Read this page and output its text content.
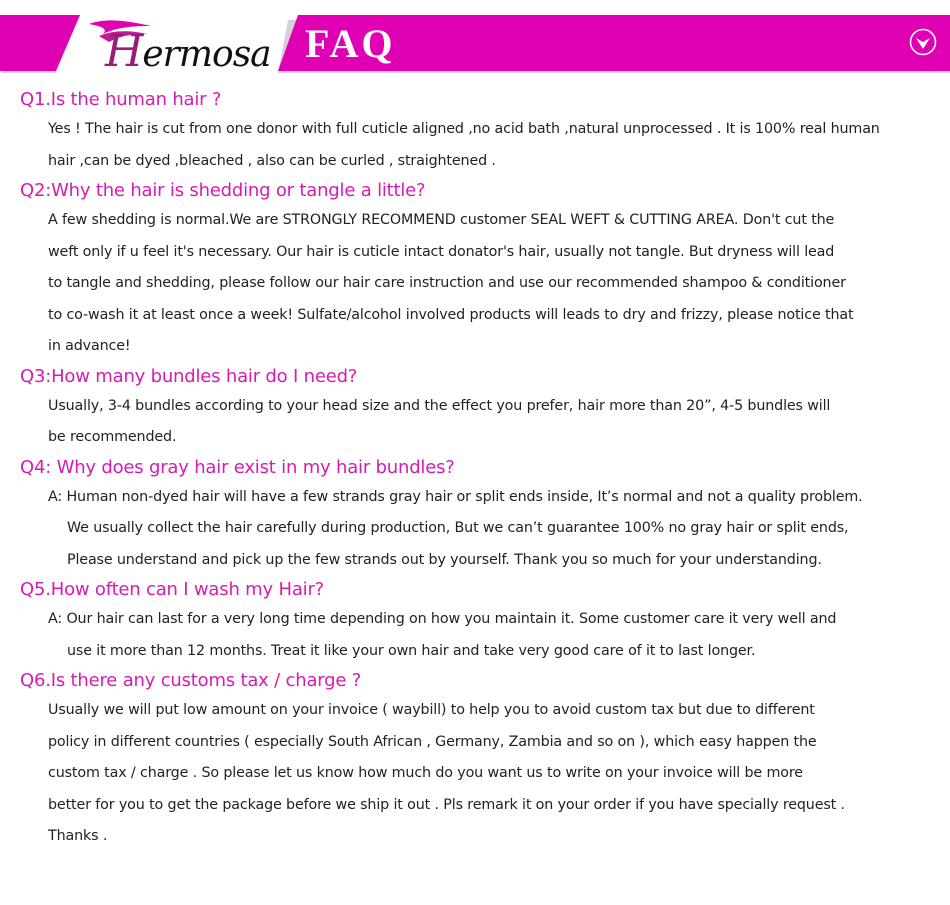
Hermosa FAQ
Q1.Is the human hair ?
Yes ! The hair is cut from one donor with full cuticle aligned ,no acid bath ,natural unprocessed . It is 100% real human
hair ,can be dyed ,bleached , also can be curled , straightened .
Q2:Why the hair is shedding or tangle a little?
A few shedding is normal.We are STRONGLY RECOMMEND customer SEAL WEFT & CUTTING AREA. Don't cut the
weft only if u feel it's necessary. Our hair is cuticle intact donator's hair, usually not tangle. But dryness will lead
to tangle and shedding, please follow our hair care instruction and use our recommended shampoo & conditioner
to co-wash it at least once a week! Sulfate/alcohol involved products will leads to dry and frizzy, please notice that
in advance!
Q3:How many bundles hair do I need?
Usually, 3-4 bundles according to your head size and the effect you prefer, hair more than 20”, 4-5 bundles will
be recommended.
Q4: Why does gray hair exist in my hair bundles?
A: Human non-dyed hair will have a few strands gray hair or split ends inside, It’s normal and not a quality problem.
We usually collect the hair carefully during production, But we can’t guarantee 100% no gray hair or split ends,
Please understand and pick up the few strands out by yourself. Thank you so much for your understanding.
Q5.How often can I wash my Hair?
A: Our hair can last for a very long time depending on how you maintain it. Some customer care it very well and
use it more than 12 months. Treat it like your own hair and take very good care of it to last longer.
Q6.Is there any customs tax / charge ?
Usually we will put low amount on your invoice ( waybill) to help you to avoid custom tax but due to different
policy in different countries ( especially South African , Germany, Zambia and so on ), which easy happen the
custom tax / charge . So please let us know how much do you want us to write on your invoice will be more
better for you to get the package before we ship it out . Pls remark it on your order if you have specially request .
Thanks .
